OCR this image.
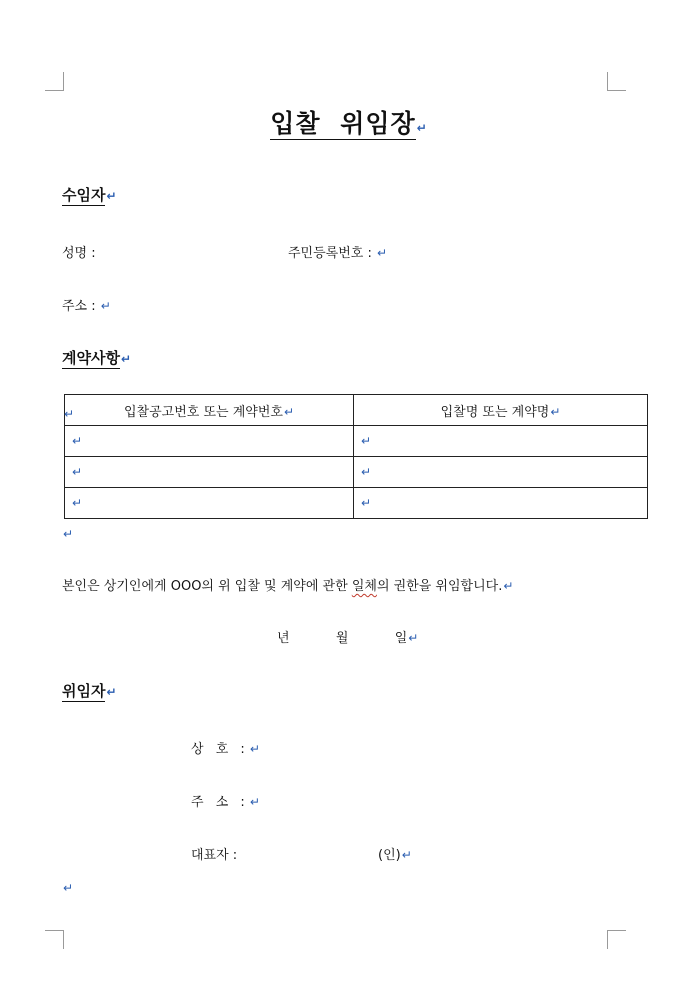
입찰 위임장↵
수임자↵
성명 :	주민등록번호 : ↵
주소 : ↵
계약사항↵
↵ 입찰공고번호 또는 계약번호↵	입찰명 또는 계약명↵
↵	↵
↵	↵
↵	↵
↵
본인은 상기인에게 OOO의 위 입찰 및 계약에 관한 일체의 권한을 위임합니다.↵
년	월	일↵
위임자↵
상 호 : ↵
주 소 : ↵
대표자 :	(인)↵
↵
